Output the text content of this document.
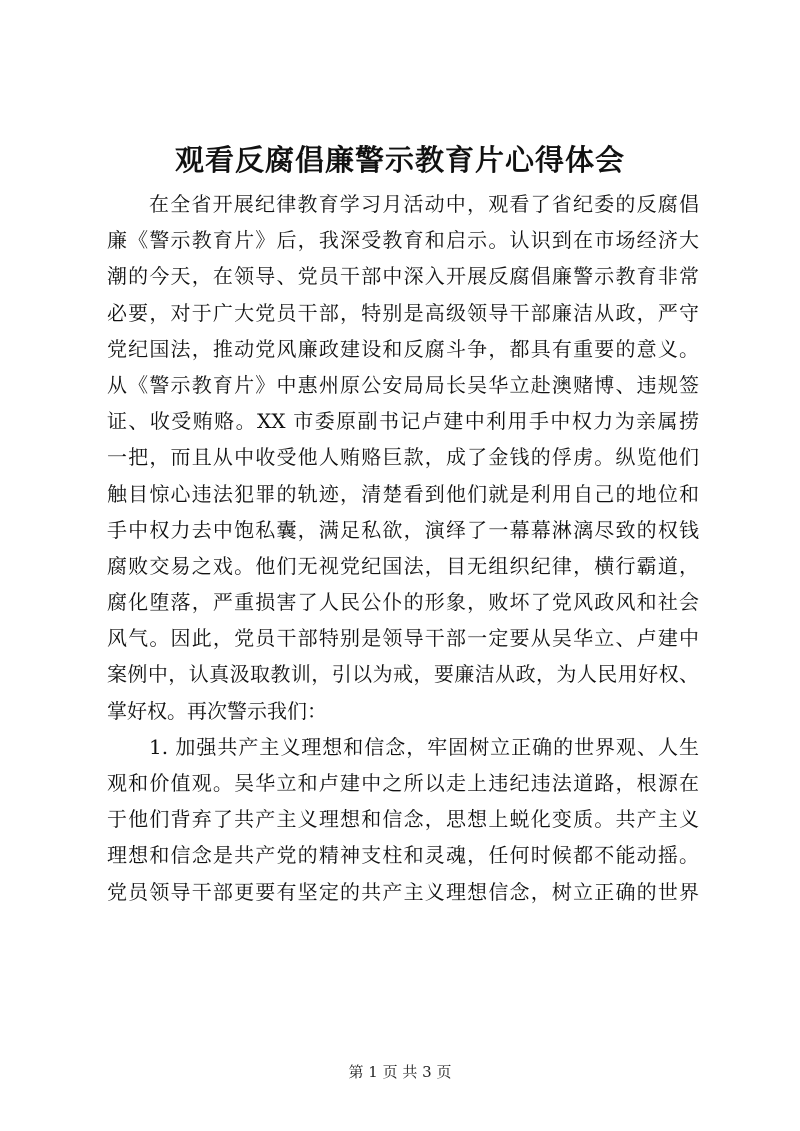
观看反腐倡廉警示教育片心得体会
在全省开展纪律教育学习月活动中，观看了省纪委的反腐倡
廉《警示教育片》后，我深受教育和启示。认识到在市场经济大
潮的今天，在领导、党员干部中深入开展反腐倡廉警示教育非常
必要，对于广大党员干部，特别是高级领导干部廉洁从政，严守
党纪国法，推动党风廉政建设和反腐斗争，都具有重要的意义。
从《警示教育片》中惠州原公安局局长吴华立赴澳赌博、违规签
证、收受贿赂。XX 市委原副书记卢建中利用手中权力为亲属捞
一把，而且从中收受他人贿赂巨款，成了金钱的俘虏。纵览他们
触目惊心违法犯罪的轨迹，清楚看到他们就是利用自己的地位和
手中权力去中饱私囊，满足私欲，演绎了一幕幕淋漓尽致的权钱
腐败交易之戏。他们无视党纪国法，目无组织纪律，横行霸道，
腐化堕落，严重损害了人民公仆的形象，败坏了党风政风和社会
风气。因此，党员干部特别是领导干部一定要从吴华立、卢建中
案例中，认真汲取教训，引以为戒，要廉洁从政，为人民用好权、
掌好权。再次警示我们：
1. 加强共产主义理想和信念，牢固树立正确的世界观、人生
观和价值观。吴华立和卢建中之所以走上违纪违法道路，根源在
于他们背弃了共产主义理想和信念，思想上蜕化变质。共产主义
理想和信念是共产党的精神支柱和灵魂，任何时候都不能动摇。
党员领导干部更要有坚定的共产主义理想信念，树立正确的世界
第 1 页 共 3 页
